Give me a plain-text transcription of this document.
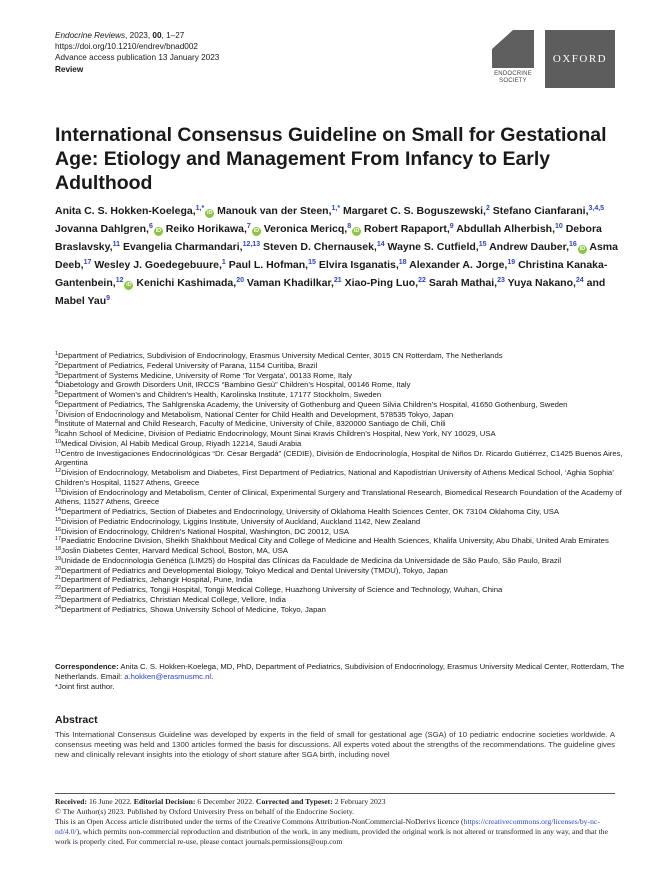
Endocrine Reviews, 2023, 00, 1–27
https://doi.org/10.1210/endrev/bnad002
Advance access publication 13 January 2023
Review	ENDOCRINE
SOCIETY
OXFORD
International Consensus Guideline on Small for Gestational Age: Etiology and Management From Infancy to Early Adulthood
Anita C. S. Hokken-Koelega,$^{1,*}$iD Manouk van der Steen,$^{1,*}$ Margaret C. S. Boguszewski,$^2$ Stefano Cianfarani,$^{3,4,5}$ Jovanna Dahlgren,$^6$iD Reiko Horikawa,$^7$iD Veronica Mericq,$^8$iD Robert Rapaport,$^9$ Abdullah Alherbish,$^{10}$ Debora Braslavsky,$^{11}$ Evangelia Charmandari,$^{12,13}$ Steven D. Chernausek,$^{14}$ Wayne S. Cutfield,$^{15}$ Andrew Dauber,$^{16}$iD Asma Deeb,$^{17}$ Wesley J. Goedegebuure,$^1$ Paul L. Hofman,$^{15}$ Elvira Isganatis,$^{18}$ Alexander A. Jorge,$^{19}$ Christina Kanaka-Gantenbein,$^{12}$iD Kenichi Kashimada,$^{20}$ Vaman Khadilkar,$^{21}$ Xiao-Ping Luo,$^{22}$ Sarah Mathai,$^{23}$ Yuya Nakano,$^{24}$ and Mabel Yau$^9$
$^1$Department of Pediatrics, Subdivision of Endocrinology, Erasmus University Medical Center, 3015 CN Rotterdam, The Netherlands
$^2$Department of Pediatrics, Federal University of Parana, 1154 Curitiba, Brazil
$^3$Department of Systems Medicine, University of Rome ‘Tor Vergata’, 00133 Rome, Italy
$^4$Diabetology and Growth Disorders Unit, IRCCS “Bambino Gesù” Children’s Hospital, 00146 Rome, Italy
$^5$Department of Women’s and Children’s Health, Karolinska Institute, 17177 Stockholm, Sweden
$^6$Department of Pediatrics, The Sahlgrenska Academy, the University of Gothenburg and Queen Silvia Children’s Hospital, 41650 Gothenburg, Sweden
$^7$Division of Endocrinology and Metabolism, National Center for Child Health and Development, 578535 Tokyo, Japan
$^8$Institute of Maternal and Child Research, Faculty of Medicine, University of Chile, 8320000 Santiago de Chili, Chili
$^9$Icahn School of Medicine, Division of Pediatric Endocrinology, Mount Sinai Kravis Children’s Hospital, New York, NY 10029, USA
$^{10}$Medical Division, Al Habib Medical Group, Riyadh 12214, Saudi Arabia
$^{11}$Centro de Investigaciones Endocrinológicas “Dr. Cesar Bergadá” (CEDIE), División de Endocrinología, Hospital de Niños Dr. Ricardo Gutiérrez, C1425 Buenos Aires, Argentina
$^{12}$Division of Endocrinology, Metabolism and Diabetes, First Department of Pediatrics, National and Kapodistrian University of Athens Medical School, ‘Aghia Sophia’ Children’s Hospital, 11527 Athens, Greece
$^{13}$Division of Endocrinology and Metabolism, Center of Clinical, Experimental Surgery and Translational Research, Biomedical Research Foundation of the Academy of Athens, 11527 Athens, Greece
$^{14}$Department of Pediatrics, Section of Diabetes and Endocrinology, University of Oklahoma Health Sciences Center, OK 73104 Oklahoma City, USA
$^{15}$Division of Pediatric Endocrinology, Liggins Institute, University of Auckland, Auckland 1142, New Zealand
$^{16}$Division of Endocrinology, Children’s National Hospital, Washington, DC 20012, USA
$^{17}$Paediatric Endocrine Division, Sheikh Shakhbout Medical City and College of Medicine and Health Sciences, Khalifa University, Abu Dhabi, United Arab Emirates
$^{18}$Joslin Diabetes Center, Harvard Medical School, Boston, MA, USA
$^{19}$Unidade de Endocrinologia Genética (LIM25) do Hospital das Clínicas da Faculdade de Medicina da Universidade de São Paulo, São Paulo, Brazil
$^{20}$Department of Pediatrics and Developmental Biology, Tokyo Medical and Dental University (TMDU), Tokyo, Japan
$^{21}$Department of Pediatrics, Jehangir Hospital, Pune, India
$^{22}$Department of Pediatrics, Tongji Hospital, Tongji Medical College, Huazhong University of Science and Technology, Wuhan, China
$^{23}$Department of Pediatrics, Christian Medical College, Vellore, India
$^{24}$Department of Pediatrics, Showa University School of Medicine, Tokyo, Japan
Correspondence: Anita C. S. Hokken-Koelega, MD, PhD, Department of Pediatrics, Subdivision of Endocrinology, Erasmus University Medical Center, Rotterdam, The Netherlands. Email: a.hokken@erasmusmc.nl.
*Joint first author.
Abstract
This International Consensus Guideline was developed by experts in the field of small for gestational age (SGA) of 10 pediatric endocrine societies worldwide. A consensus meeting was held and 1300 articles formed the basis for discussions. All experts voted about the strengths of the recommendations. The guideline gives new and clinically relevant insights into the etiology of short stature after SGA birth, including novel
Received: 16 June 2022. Editorial Decision: 6 December 2022. Corrected and Typeset: 2 February 2023
© The Author(s) 2023. Published by Oxford University Press on behalf of the Endocrine Society.
This is an Open Access article distributed under the terms of the Creative Commons Attribution-NonCommercial-NoDerivs licence (https://creativecommons.org/licenses/by-nc-nd/4.0/), which permits non-commercial reproduction and distribution of the work, in any medium, provided the original work is not altered or transformed in any way, and that the work is properly cited. For commercial re-use, please contact journals.permissions@oup.com
